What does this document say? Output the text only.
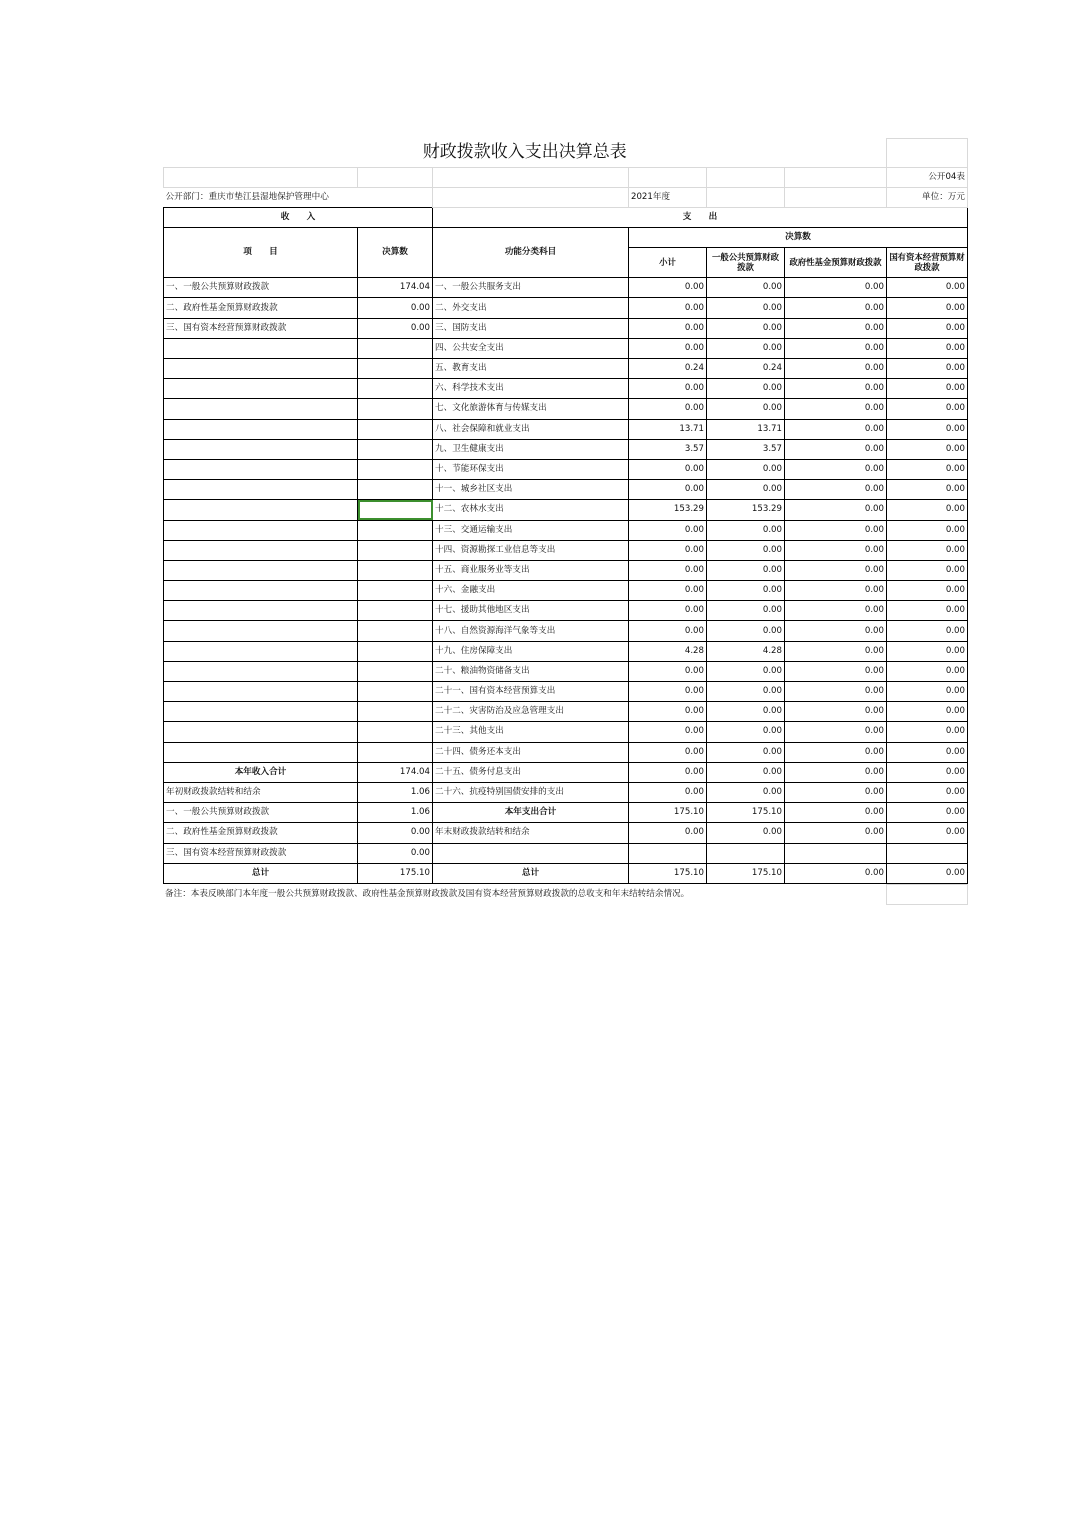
财政拨款收入支出决算总表						
						公开04表
公开部门：重庆市垫江县湿地保护管理中心			2021年度			单位：万元
收　　入		支　　出				
项　　目	决算数	功能分类科目	决算数			
			小计	一般公共预算财政拨款	政府性基金预算财政拨款	国有资本经营预算财政拨款
一、一般公共预算财政拨款	174.04	一、一般公共服务支出	0.00	0.00	0.00	0.00
二、政府性基金预算财政拨款	0.00	二、外交支出	0.00	0.00	0.00	0.00
三、国有资本经营预算财政拨款	0.00	三、国防支出	0.00	0.00	0.00	0.00
		四、公共安全支出	0.00	0.00	0.00	0.00
		五、教育支出	0.24	0.24	0.00	0.00
		六、科学技术支出	0.00	0.00	0.00	0.00
		七、文化旅游体育与传媒支出	0.00	0.00	0.00	0.00
		八、社会保障和就业支出	13.71	13.71	0.00	0.00
		九、卫生健康支出	3.57	3.57	0.00	0.00
		十、节能环保支出	0.00	0.00	0.00	0.00
		十一、城乡社区支出	0.00	0.00	0.00	0.00
		十二、农林水支出	153.29	153.29	0.00	0.00
		十三、交通运输支出	0.00	0.00	0.00	0.00
		十四、资源勘探工业信息等支出	0.00	0.00	0.00	0.00
		十五、商业服务业等支出	0.00	0.00	0.00	0.00
		十六、金融支出	0.00	0.00	0.00	0.00
		十七、援助其他地区支出	0.00	0.00	0.00	0.00
		十八、自然资源海洋气象等支出	0.00	0.00	0.00	0.00
		十九、住房保障支出	4.28	4.28	0.00	0.00
		二十、粮油物资储备支出	0.00	0.00	0.00	0.00
		二十一、国有资本经营预算支出	0.00	0.00	0.00	0.00
		二十二、灾害防治及应急管理支出	0.00	0.00	0.00	0.00
		二十三、其他支出	0.00	0.00	0.00	0.00
		二十四、债务还本支出	0.00	0.00	0.00	0.00
本年收入合计	174.04	二十五、债务付息支出	0.00	0.00	0.00	0.00
年初财政拨款结转和结余	1.06	二十六、抗疫特别国债安排的支出	0.00	0.00	0.00	0.00
一、一般公共预算财政拨款	1.06	本年支出合计	175.10	175.10	0.00	0.00
二、政府性基金预算财政拨款	0.00	年末财政拨款结转和结余	0.00	0.00	0.00	0.00
三、国有资本经营预算财政拨款	0.00					
总计	175.10	总计	175.10	175.10	0.00	0.00
备注：本表反映部门本年度一般公共预算财政拨款、政府性基金预算财政拨款及国有资本经营预算财政拨款的总收支和年末结转结余情况。	
